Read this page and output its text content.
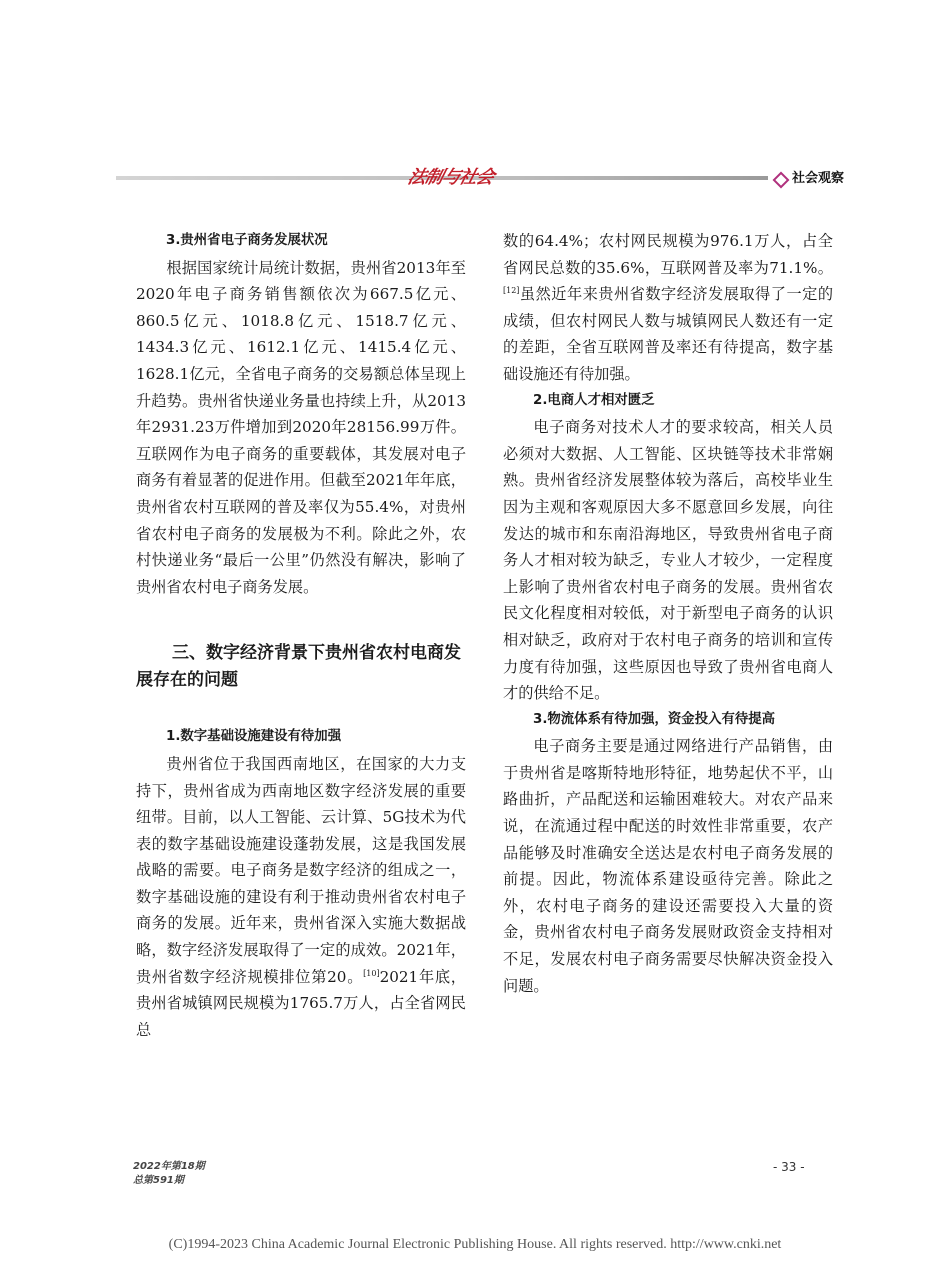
法制与社会	社会观察

3.贵州省电子商务发展状况

根据国家统计局统计数据，贵州省2013年至2020年电子商务销售额依次为667.5亿元、860.5亿元、1018.8亿元、1518.7亿元、1434.3亿元、1612.1亿元、1415.4亿元、1628.1亿元，全省电子商务的交易额总体呈现上升趋势。贵州省快递业务量也持续上升，从2013年2931.23万件增加到2020年28156.99万件。互联网作为电子商务的重要载体，其发展对电子商务有着显著的促进作用。但截至2021年年底，贵州省农村互联网的普及率仅为55.4%，对贵州省农村电子商务的发展极为不利。除此之外，农村快递业务“最后一公里”仍然没有解决，影响了贵州省农村电子商务发展。

三、数字经济背景下贵州省农村电商发展存在的问题

1.数字基础设施建设有待加强

贵州省位于我国西南地区，在国家的大力支持下，贵州省成为西南地区数字经济发展的重要纽带。目前，以人工智能、云计算、5G技术为代表的数字基础设施建设蓬勃发展，这是我国发展战略的需要。电子商务是数字经济的组成之一，数字基础设施的建设有利于推动贵州省农村电子商务的发展。近年来，贵州省深入实施大数据战略，数字经济发展取得了一定的成效。2021年，贵州省数字经济规模排位第20。[10]2021年底，贵州省城镇网民规模为1765.7万人，占全省网民总

数的64.4%；农村网民规模为976.1万人，占全省网民总数的35.6%，互联网普及率为71.1%。[12]虽然近年来贵州省数字经济发展取得了一定的成绩，但农村网民人数与城镇网民人数还有一定的差距，全省互联网普及率还有待提高，数字基础设施还有待加强。

2.电商人才相对匮乏

电子商务对技术人才的要求较高，相关人员必须对大数据、人工智能、区块链等技术非常娴熟。贵州省经济发展整体较为落后，高校毕业生因为主观和客观原因大多不愿意回乡发展，向往发达的城市和东南沿海地区，导致贵州省电子商务人才相对较为缺乏，专业人才较少，一定程度上影响了贵州省农村电子商务的发展。贵州省农民文化程度相对较低，对于新型电子商务的认识相对缺乏，政府对于农村电子商务的培训和宣传力度有待加强，这些原因也导致了贵州省电商人才的供给不足。

3.物流体系有待加强，资金投入有待提高

电子商务主要是通过网络进行产品销售，由于贵州省是喀斯特地形特征，地势起伏不平，山路曲折，产品配送和运输困难较大。对农产品来说，在流通过程中配送的时效性非常重要，农产品能够及时准确安全送达是农村电子商务发展的前提。因此，物流体系建设亟待完善。除此之外，农村电子商务的建设还需要投入大量的资金，贵州省农村电子商务发展财政资金支持相对不足，发展农村电子商务需要尽快解决资金投入问题。

2022年第18期
总第591期
- 33 -
(C)1994-2023 China Academic Journal Electronic Publishing House. All rights reserved. http://www.cnki.net
